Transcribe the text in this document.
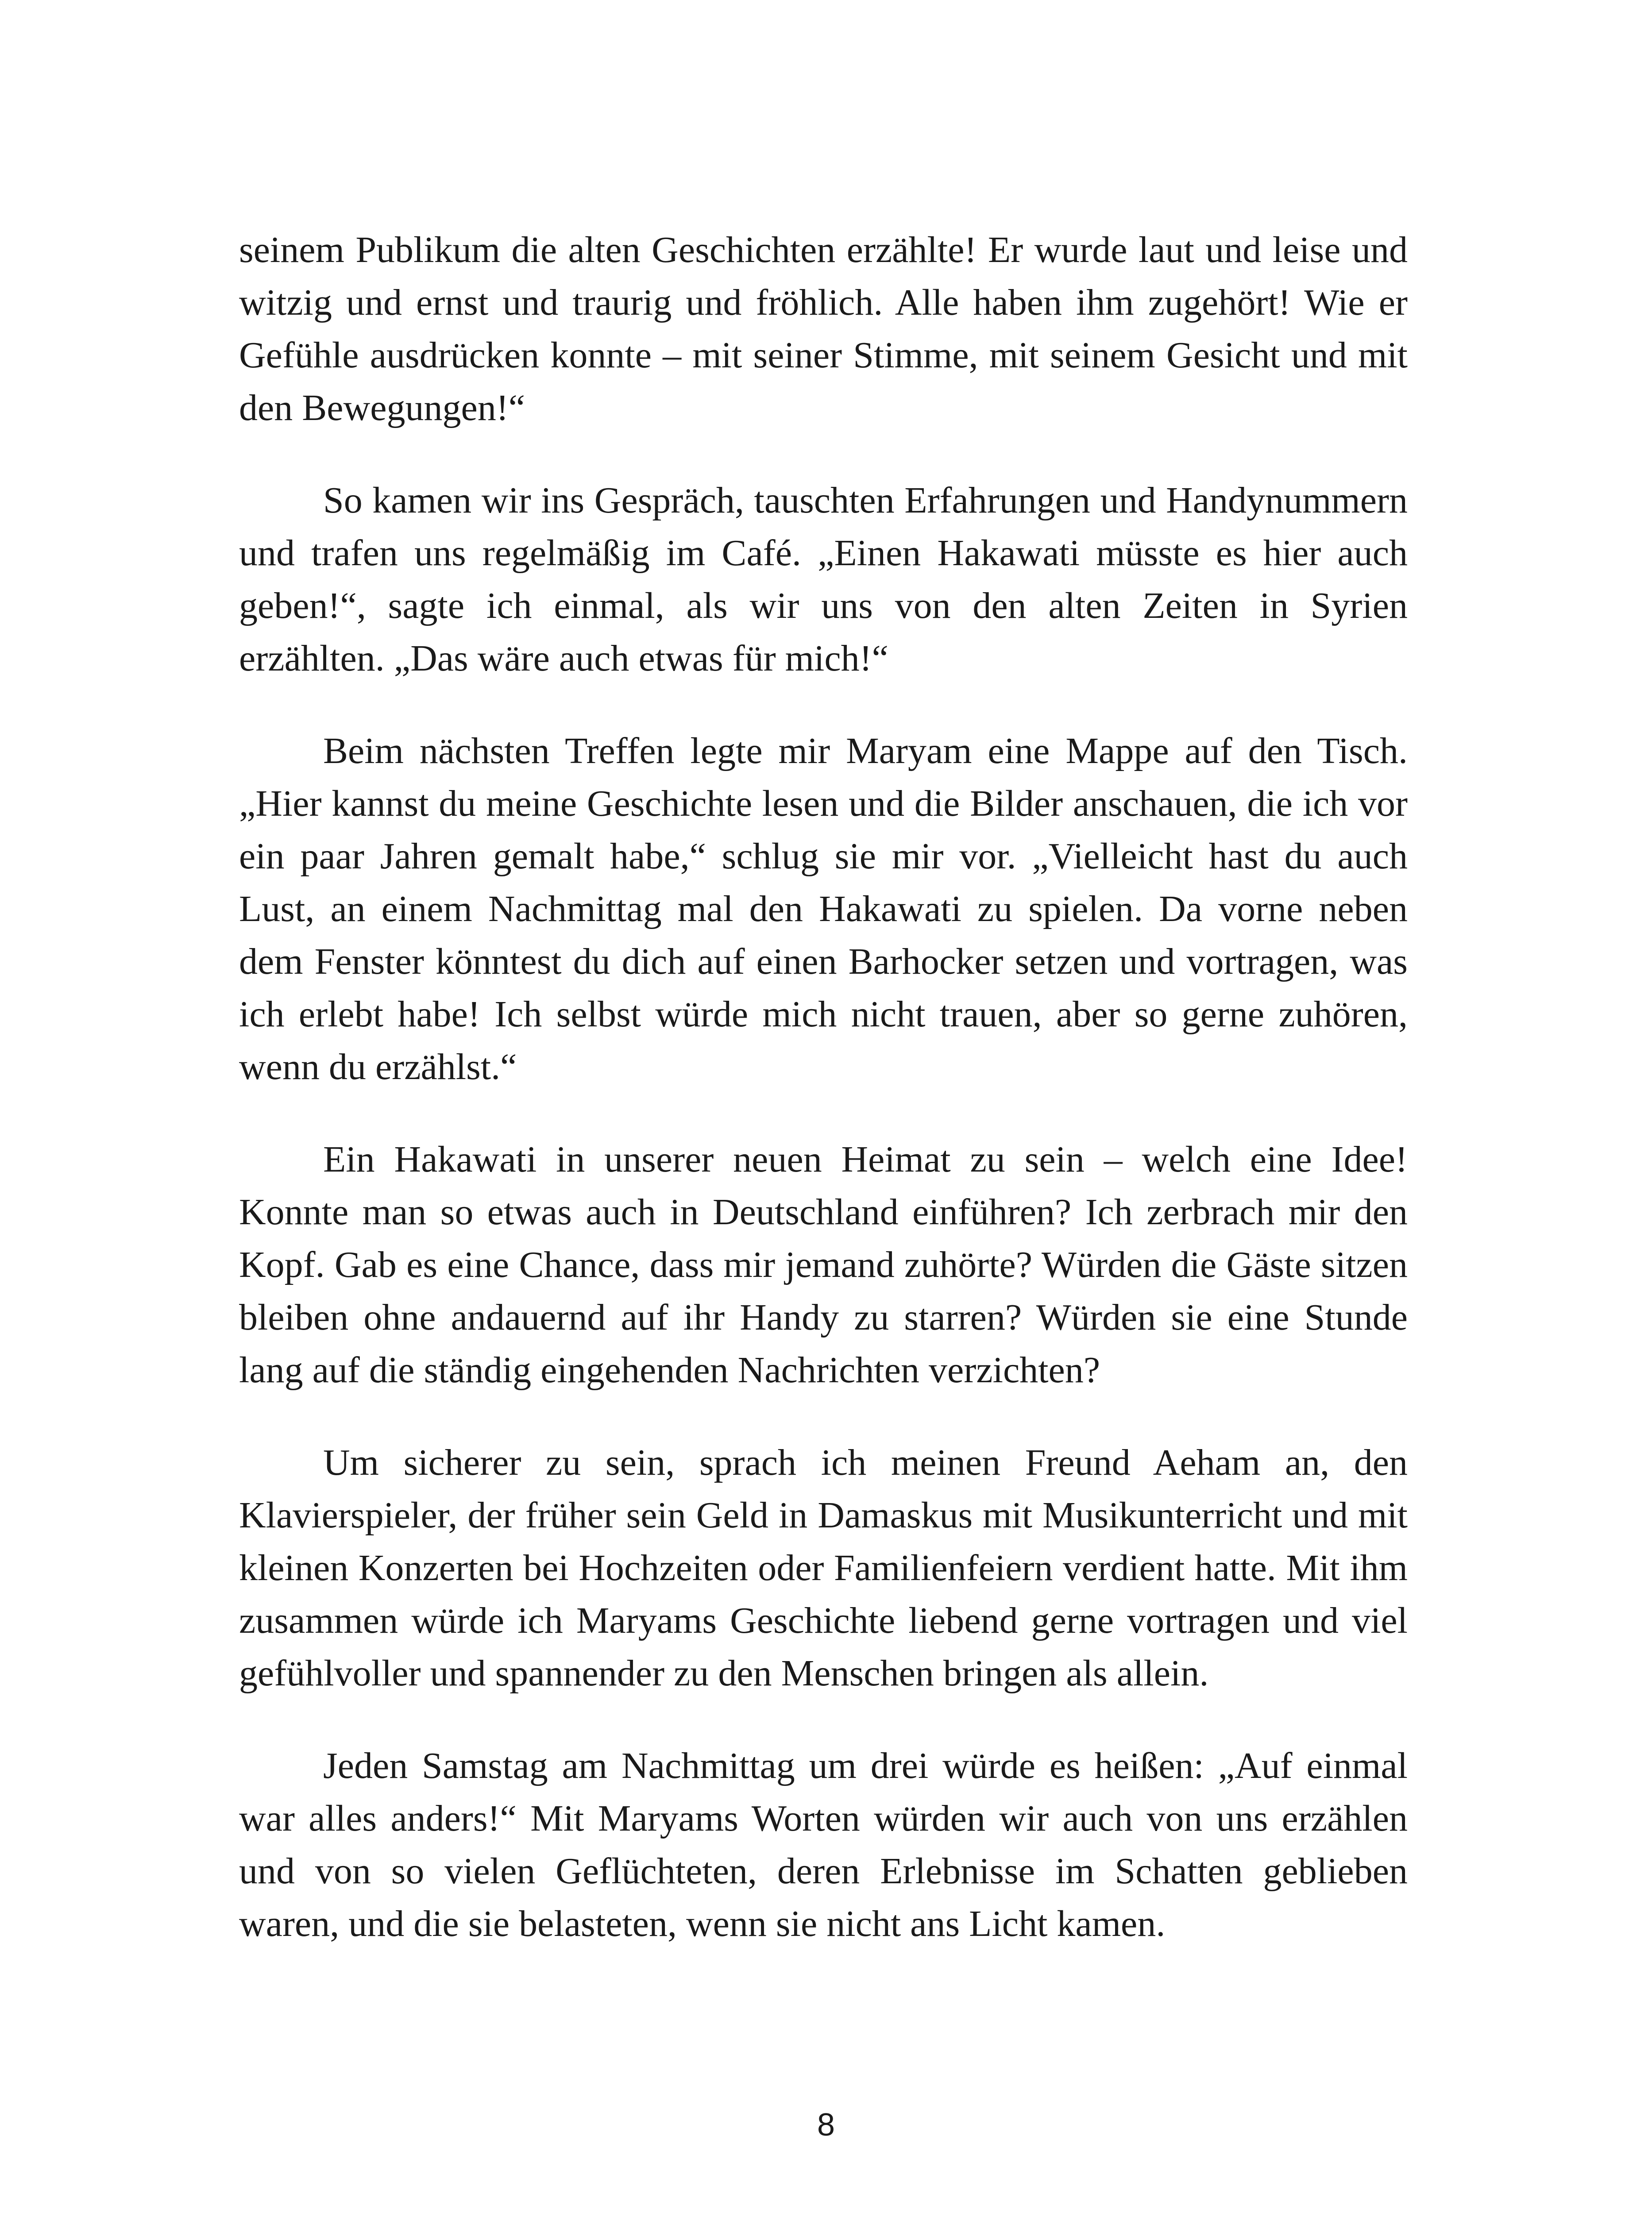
seinem Publikum die alten Geschichten erzählte! Er wurde laut und leise und witzig und ernst und traurig und fröhlich. Alle haben ihm zugehört! Wie er Gefühle ausdrücken konnte – mit seiner Stimme, mit seinem Gesicht und mit den Bewegungen!“

So kamen wir ins Gespräch, tauschten Erfahrungen und Handynummern und trafen uns regelmäßig im Café. „Einen Hakawati müsste es hier auch geben!“, sagte ich einmal, als wir uns von den alten Zeiten in Syrien erzählten. „Das wäre auch etwas für mich!“

Beim nächsten Treffen legte mir Maryam eine Mappe auf den Tisch. „Hier kannst du meine Geschichte lesen und die Bilder anschauen, die ich vor ein paar Jahren gemalt habe,“ schlug sie mir vor. „Vielleicht hast du auch Lust, an einem Nachmittag mal den Hakawati zu spielen. Da vorne neben dem Fenster könntest du dich auf einen Barhocker setzen und vortragen, was ich erlebt habe! Ich selbst würde mich nicht trauen, aber so gerne zuhören, wenn du erzählst.“

Ein Hakawati in unserer neuen Heimat zu sein – welch eine Idee! Konnte man so etwas auch in Deutschland einführen? Ich zerbrach mir den Kopf. Gab es eine Chance, dass mir jemand zuhörte? Würden die Gäste sitzen bleiben ohne andauernd auf ihr Handy zu starren? Würden sie eine Stunde lang auf die ständig eingehenden Nachrichten verzichten?

Um sicherer zu sein, sprach ich meinen Freund Aeham an, den Klavierspieler, der früher sein Geld in Damaskus mit Musikunterricht und mit kleinen Konzerten bei Hochzeiten oder Familienfeiern verdient hatte. Mit ihm zusammen würde ich Maryams Geschichte liebend gerne vortragen und viel gefühlvoller und spannender zu den Menschen bringen als allein.

Jeden Samstag am Nachmittag um drei würde es heißen: „Auf einmal war alles anders!“ Mit Maryams Worten würden wir auch von uns erzählen und von so vielen Geflüchteten, deren Erlebnisse im Schatten geblieben waren, und die sie belasteten, wenn sie nicht ans Licht kamen.

8
